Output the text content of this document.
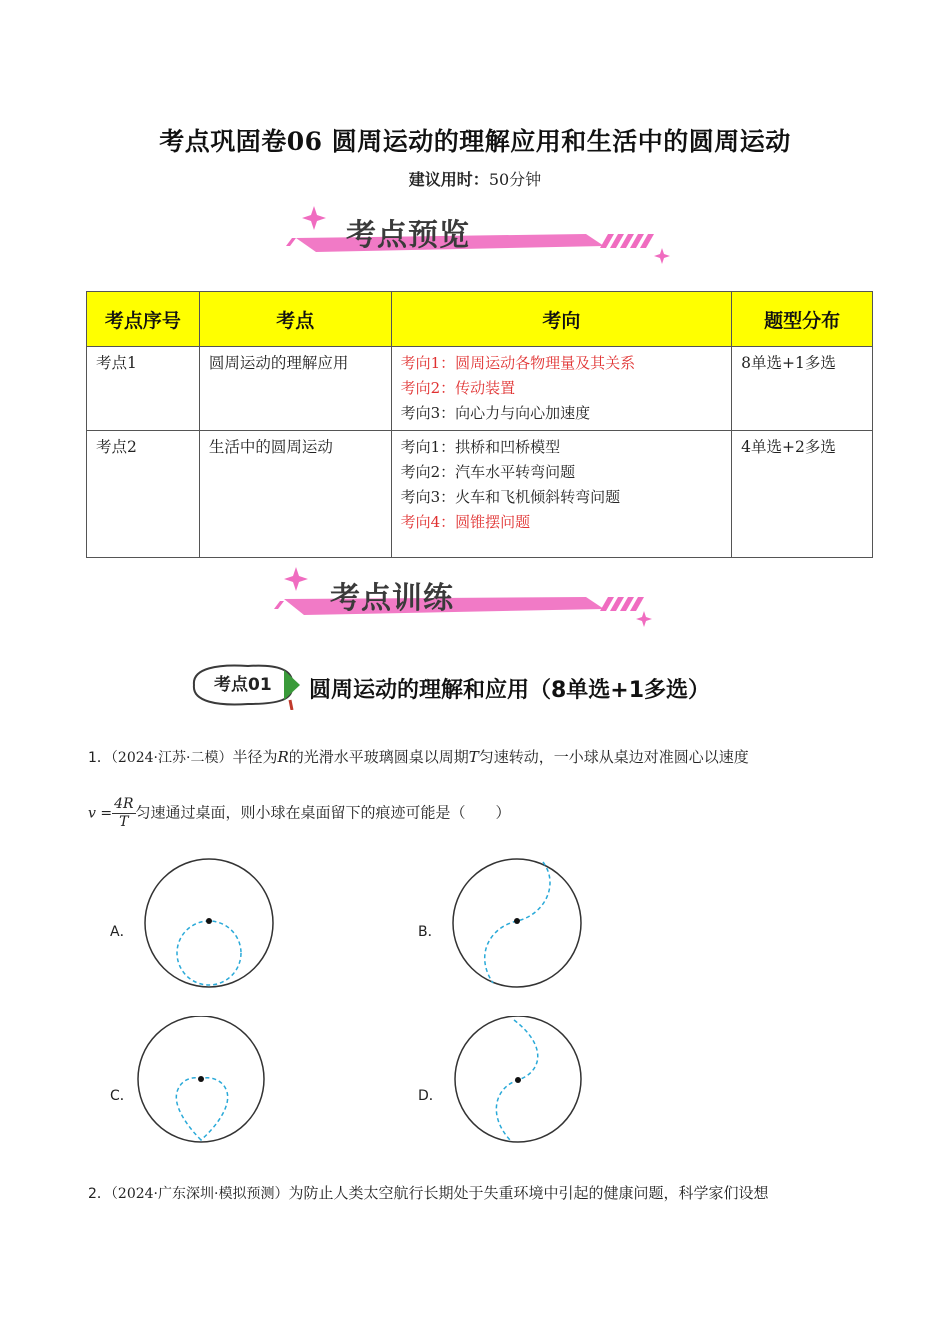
考点巩固卷06 圆周运动的理解应用和生活中的圆周运动
建议用时：50分钟
考点预览
考点序号	考点	考向	题型分布
考点1	圆周运动的理解应用	考向1：圆周运动各物理量及其关系
考向2：传动装置
考向3：向心力与向心加速度	8单选+1多选
考点2	生活中的圆周运动	考向1：拱桥和凹桥模型
考向2：汽车水平转弯问题
考向3：火车和飞机倾斜转弯问题
考向4：圆锥摆问题	4单选+2多选
考点训练
考点01 圆周运动的理解和应用（8单选+1多选）
1．（2024·江苏·二模）半径为R的光滑水平玻璃圆桌以周期T匀速转动，一小球从桌边对准圆心以速度
$v = \frac{4R}{T}$ 匀速通过桌面，则小球在桌面留下的痕迹可能是（　　）
A．	B．
C．	D．
2．（2024·广东深圳·模拟预测）为防止人类太空航行长期处于失重环境中引起的健康问题，科学家们设想
